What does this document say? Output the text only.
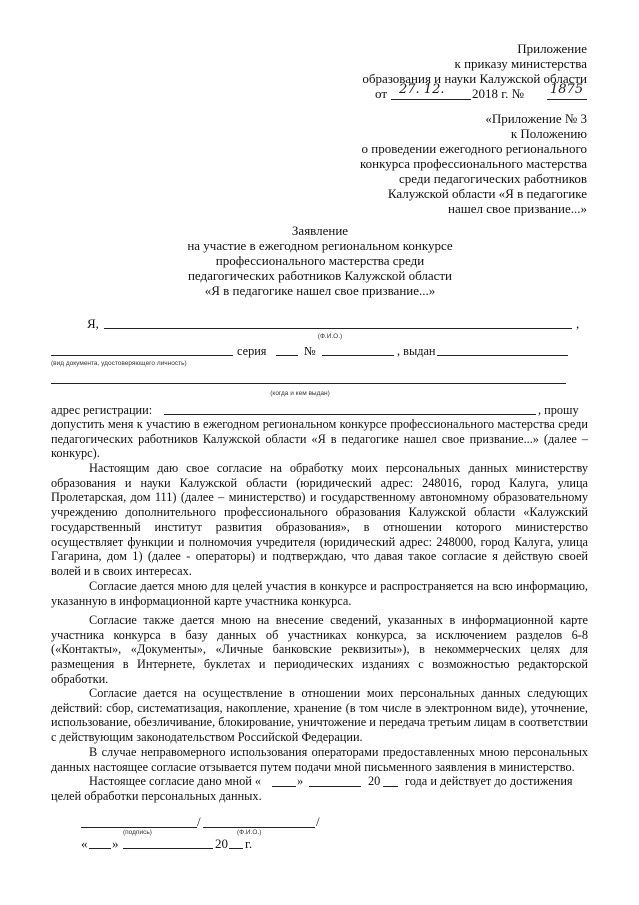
Приложение
к приказу министерства
образования и науки Калужской области
от 27. 12. 2018 г. № 1875
«Приложение № 3
к Положению
о проведении ежегодного регионального
конкурса профессионального мастерства
среди педагогических работников
Калужской области «Я в педагогике
нашел свое призвание...»
Заявление
на участие в ежегодном региональном конкурсе
профессионального мастерства среди
педагогических работников Калужской области
«Я в педагогике нашел свое призвание...»
Я,	,
(Ф.И.О.)
серия	№	, выдан
(вид документа, удостоверяющего личность)
(когда и кем выдан)
адрес регистрации:	, прошу
допустить меня к участию в ежегодном региональном конкурсе профессионального мастерства среди педагогических работников Калужской области «Я в педагогике нашел свое призвание...» (далее – конкурс).
Настоящим даю свое согласие на обработку моих персональных данных министерству образования и науки Калужской области (юридический адрес: 248016, город Калуга, улица Пролетарская, дом 111) (далее – министерство) и государственному автономному образовательному учреждению дополнительного профессионального образования Калужской области «Калужский государственный институт развития образования», в отношении которого министерство осуществляет функции и полномочия учредителя (юридический адрес: 248000, город Калуга, улица Гагарина, дом 1) (далее - операторы) и подтверждаю, что давая такое согласие я действую своей волей и в своих интересах.
Согласие дается мною для целей участия в конкурсе и распространяется на всю информацию, указанную в информационной карте участника конкурса.
Согласие также дается мною на внесение сведений, указанных в информационной карте участника конкурса в базу данных об участниках конкурса, за исключением разделов 6-8 («Контакты», «Документы», «Личные банковские реквизиты»), в некоммерческих целях для размещения в Интернете, буклетах и периодических изданиях с возможностью редакторской обработки.
Согласие дается на осуществление в отношении моих персональных данных следующих действий: сбор, систематизация, накопление, хранение (в том числе в электронном виде), уточнение, использование, обезличивание, блокирование, уничтожение и передача третьим лицам в соответствии с действующим законодательством Российской Федерации.
В случае неправомерного использования операторами предоставленных мною персональных данных настоящее согласие отзывается путем подачи мной письменного заявления в министерство.
Настоящее согласие дано мной «	»	20 года и действует до достижения
целей обработки персональных данных.
/	/
(подпись)	(Ф.И.О.)
« »	20 г.
